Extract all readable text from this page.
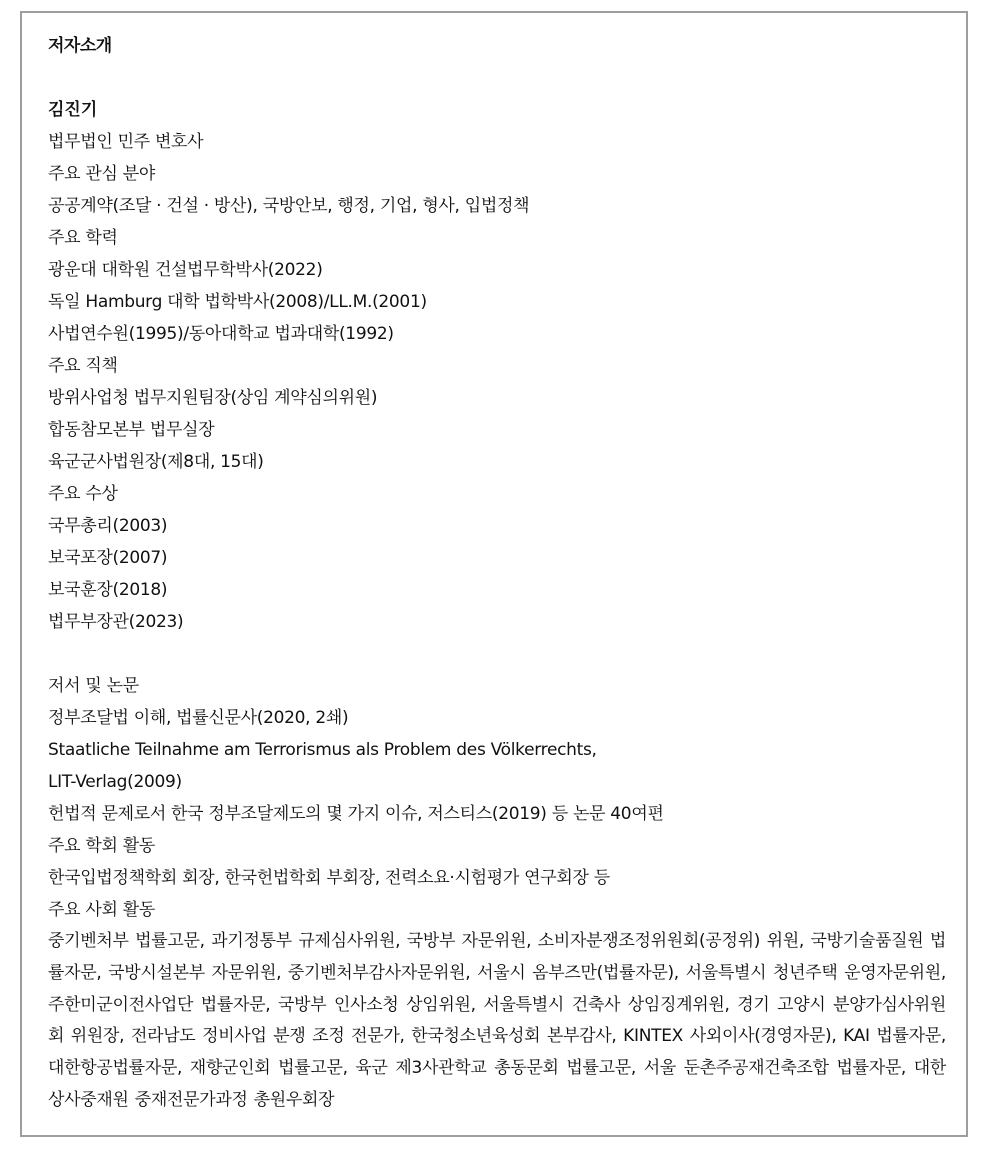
저자소개

김진기

법무법인 민주 변호사

주요 관심 분야

공공계약(조달 · 건설 · 방산), 국방안보, 행정, 기업, 형사, 입법정책

주요 학력

광운대 대학원 건설법무학박사(2022)

독일 Hamburg 대학 법학박사(2008)/LL.M.(2001)

사법연수원(1995)/동아대학교 법과대학(1992)

주요 직책

방위사업청 법무지원팀장(상임 계약심의위원)

합동참모본부 법무실장

육군군사법원장(제8대, 15대)

주요 수상

국무총리(2003)

보국포장(2007)

보국훈장(2018)

법무부장관(2023)

저서 및 논문

정부조달법 이해, 법률신문사(2020, 2쇄)

Staatliche Teilnahme am Terrorismus als Problem des Völkerrechts,

LIT-Verlag(2009)

헌법적 문제로서 한국 정부조달제도의 몇 가지 이슈, 저스티스(2019) 등 논문 40여편

주요 학회 활동

한국입법정책학회 회장, 한국헌법학회 부회장, 전력소요·시험평가 연구회장 등

주요 사회 활동

중기벤처부 법률고문, 과기정통부 규제심사위원, 국방부 자문위원, 소비자분쟁조정위원회(공정위) 위원, 국방기술품질원 법률자문, 국방시설본부 자문위원, 중기벤처부감사자문위원, 서울시 옴부즈만(법률자문), 서울특별시 청년주택 운영자문위원, 주한미군이전사업단 법률자문, 국방부 인사소청 상임위원, 서울특별시 건축사 상임징계위원, 경기 고양시 분양가심사위원회 위원장, 전라남도 정비사업 분쟁 조정 전문가, 한국청소년육성회 본부감사, KINTEX 사외이사(경영자문), KAI 법률자문, 대한항공법률자문, 재향군인회 법률고문, 육군 제3사관학교 총동문회 법률고문, 서울 둔촌주공재건축조합 법률자문, 대한상사중재원 중재전문가과정 총원우회장
